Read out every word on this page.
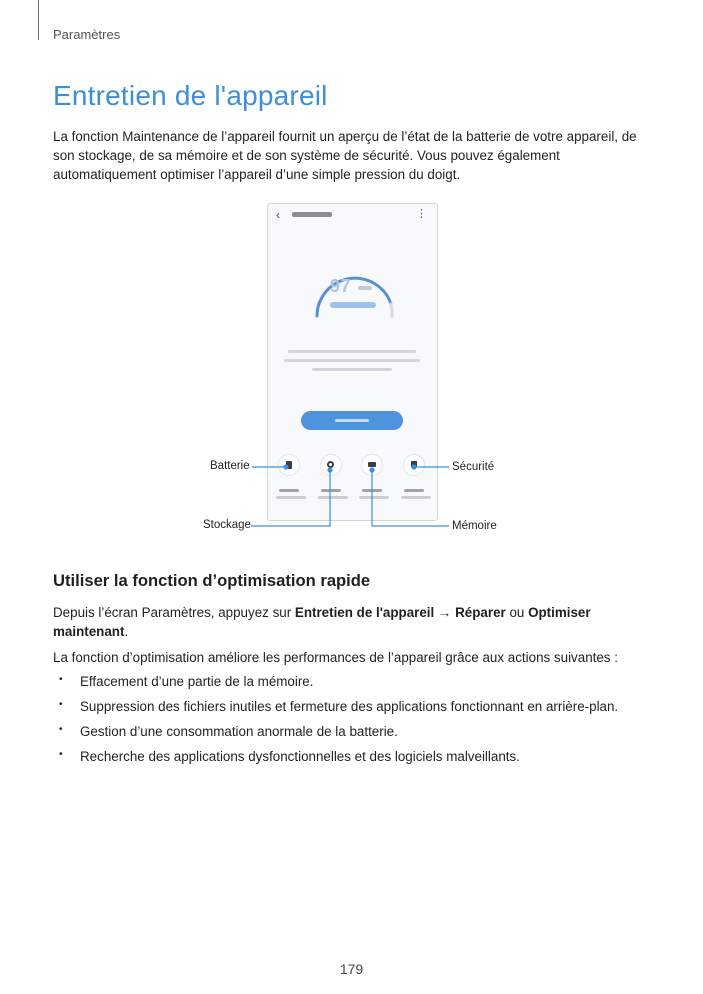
Paramètres
Entretien de l'appareil

La fonction Maintenance de l’appareil fournit un aperçu de l’état de la batterie de votre appareil, de son stockage, de sa mémoire et de son système de sécurité. Vous pouvez également automatiquement optimiser l’appareil d’une simple pression du doigt.

‹	⋮
97
Batterie	Sécurité
Stockage	Mémoire
Utiliser la fonction d’optimisation rapide

Depuis l’écran Paramètres, appuyez sur Entretien de l'appareil → Réparer ou Optimiser maintenant.

La fonction d’optimisation améliore les performances de l’appareil grâce aux actions suivantes :

• Effacement d’une partie de la mémoire.
• Suppression des fichiers inutiles et fermeture des applications fonctionnant en arrière-plan.
• Gestion d’une consommation anormale de la batterie.
• Recherche des applications dysfonctionnelles et des logiciels malveillants.
179
